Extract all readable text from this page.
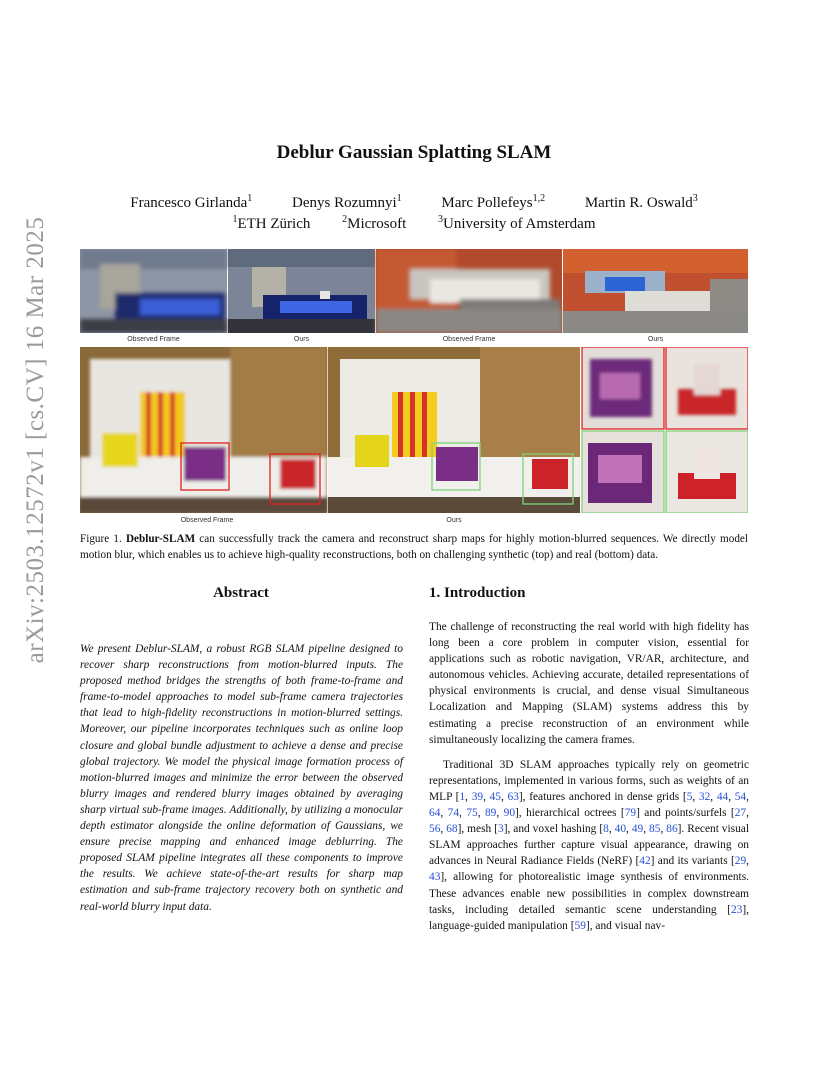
arXiv:2503.12572v1 [cs.CV] 16 Mar 2025
Deblur Gaussian Splatting SLAM
Francesco Girlanda$^1$	Denys Rozumnyi$^1$	Marc Pollefeys$^{1,2}$	Martin R. Oswald$^3$
$^1$ETH Zürich	$^2$Microsoft	$^3$University of Amsterdam
Observed Frame	Ours	Observed Frame	Ours
Observed Frame	Ours
Figure 1. Deblur-SLAM can successfully track the camera and reconstruct sharp maps for highly motion-blurred sequences. We directly model motion blur, which enables us to achieve high-quality reconstructions, both on challenging synthetic (top) and real (bottom) data.
Abstract
We present Deblur-SLAM, a robust RGB SLAM pipeline designed to recover sharp reconstructions from motion-blurred inputs. The proposed method bridges the strengths of both frame-to-frame and frame-to-model approaches to model sub-frame camera trajectories that lead to high-fidelity reconstructions in motion-blurred settings. Moreover, our pipeline incorporates techniques such as online loop closure and global bundle adjustment to achieve a dense and precise global trajectory. We model the physical image formation process of motion-blurred images and minimize the error between the observed blurry images and rendered blurry images obtained by averaging sharp virtual sub-frame images. Additionally, by utilizing a monocular depth estimator alongside the online deformation of Gaussians, we ensure precise mapping and enhanced image deblurring. The proposed SLAM pipeline integrates all these components to improve the results. We achieve state-of-the-art results for sharp map estimation and sub-frame trajectory recovery both on synthetic and real-world blurry input data.
1. Introduction

The challenge of reconstructing the real world with high fidelity has long been a core problem in computer vision, essential for applications such as robotic navigation, VR/AR, architecture, and autonomous vehicles. Achieving accurate, detailed representations of physical environments is crucial, and dense visual Simultaneous Localization and Mapping (SLAM) systems address this by estimating a precise reconstruction of an environment while simultaneously localizing the camera frames.

Traditional 3D SLAM approaches typically rely on geometric representations, implemented in various forms, such as weights of an MLP [1, 39, 45, 63], features anchored in dense grids [5, 32, 44, 54, 64, 74, 75, 89, 90], hierarchical octrees [79] and points/surfels [27, 56, 68], mesh [3], and voxel hashing [8, 40, 49, 85, 86]. Recent visual SLAM approaches further capture visual appearance, drawing on advances in Neural Radiance Fields (NeRF) [42] and its variants [29, 43], allowing for photorealistic image synthesis of environments. These advances enable new possibilities in complex downstream tasks, including detailed semantic scene understanding [23], language-guided manipulation [59], and visual nav-
